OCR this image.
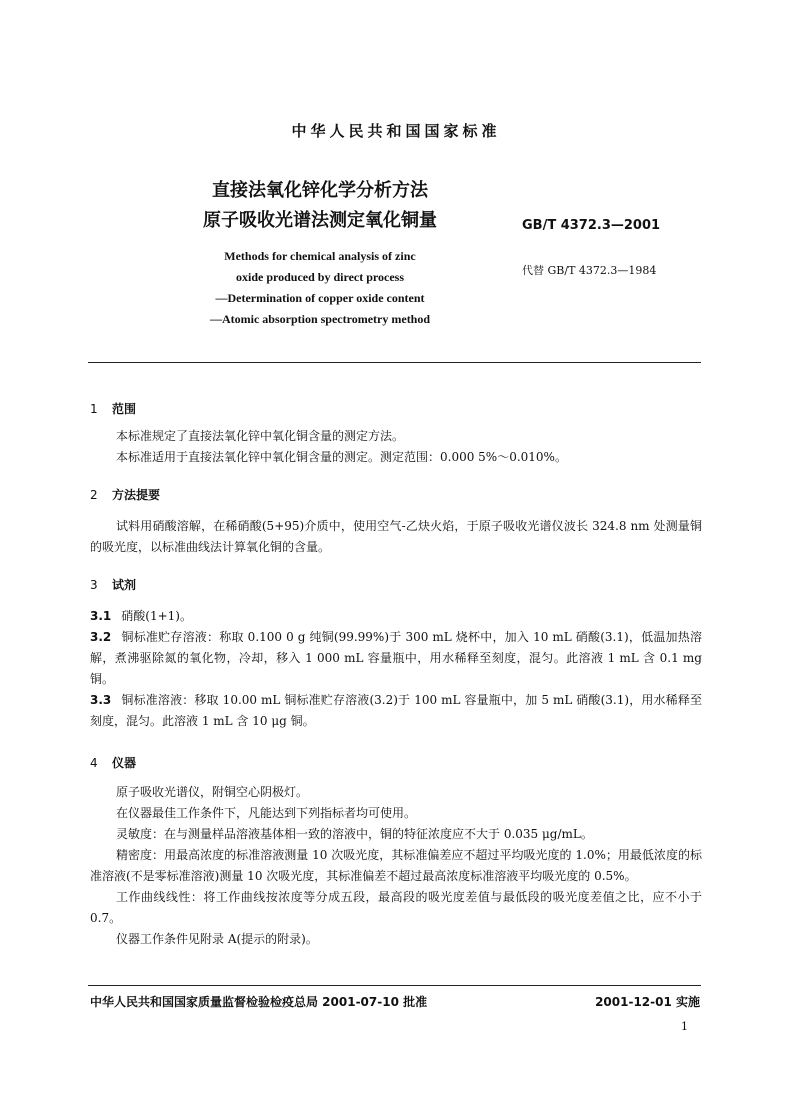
中华人民共和国国家标准
直接法氧化锌化学分析方法
原子吸收光谱法测定氧化铜量	GB/T 4372.3—2001
代替 GB/T 4372.3—1984
Methods for chemical analysis of zinc
oxide produced by direct process
—Determination of copper oxide content
—Atomic absorption spectrometry method
1 范围
本标准规定了直接法氧化锌中氧化铜含量的测定方法。
本标准适用于直接法氧化锌中氧化铜含量的测定。测定范围：0.000 5%～0.010%。
2 方法提要
试料用硝酸溶解，在稀硝酸(5+95)介质中，使用空气-乙炔火焰，于原子吸收光谱仪波长 324.8 nm 处测量铜的吸光度，以标准曲线法计算氧化铜的含量。
3 试剂
3.1 硝酸(1+1)。
3.2 铜标准贮存溶液：称取 0.100 0 g 纯铜(99.99%)于 300 mL 烧杯中，加入 10 mL 硝酸(3.1)，低温加热溶解，煮沸驱除氮的氧化物，冷却，移入 1 000 mL 容量瓶中，用水稀释至刻度，混匀。此溶液 1 mL 含 0.1 mg 铜。
3.3 铜标准溶液：移取 10.00 mL 铜标准贮存溶液(3.2)于 100 mL 容量瓶中，加 5 mL 硝酸(3.1)，用水稀释至刻度，混匀。此溶液 1 mL 含 10 μg 铜。
4 仪器
原子吸收光谱仪，附铜空心阴极灯。
在仪器最佳工作条件下，凡能达到下列指标者均可使用。
灵敏度：在与测量样品溶液基体相一致的溶液中，铜的特征浓度应不大于 0.035 μg/mL。
精密度：用最高浓度的标准溶液测量 10 次吸光度，其标准偏差应不超过平均吸光度的 1.0%；用最低浓度的标准溶液(不是零标准溶液)测量 10 次吸光度，其标准偏差不超过最高浓度标准溶液平均吸光度的 0.5%。
工作曲线线性：将工作曲线按浓度等分成五段，最高段的吸光度差值与最低段的吸光度差值之比，应不小于 0.7。
仪器工作条件见附录 A(提示的附录)。
中华人民共和国国家质量监督检验检疫总局 2001-07-10 批准	2001-12-01 实施
1
